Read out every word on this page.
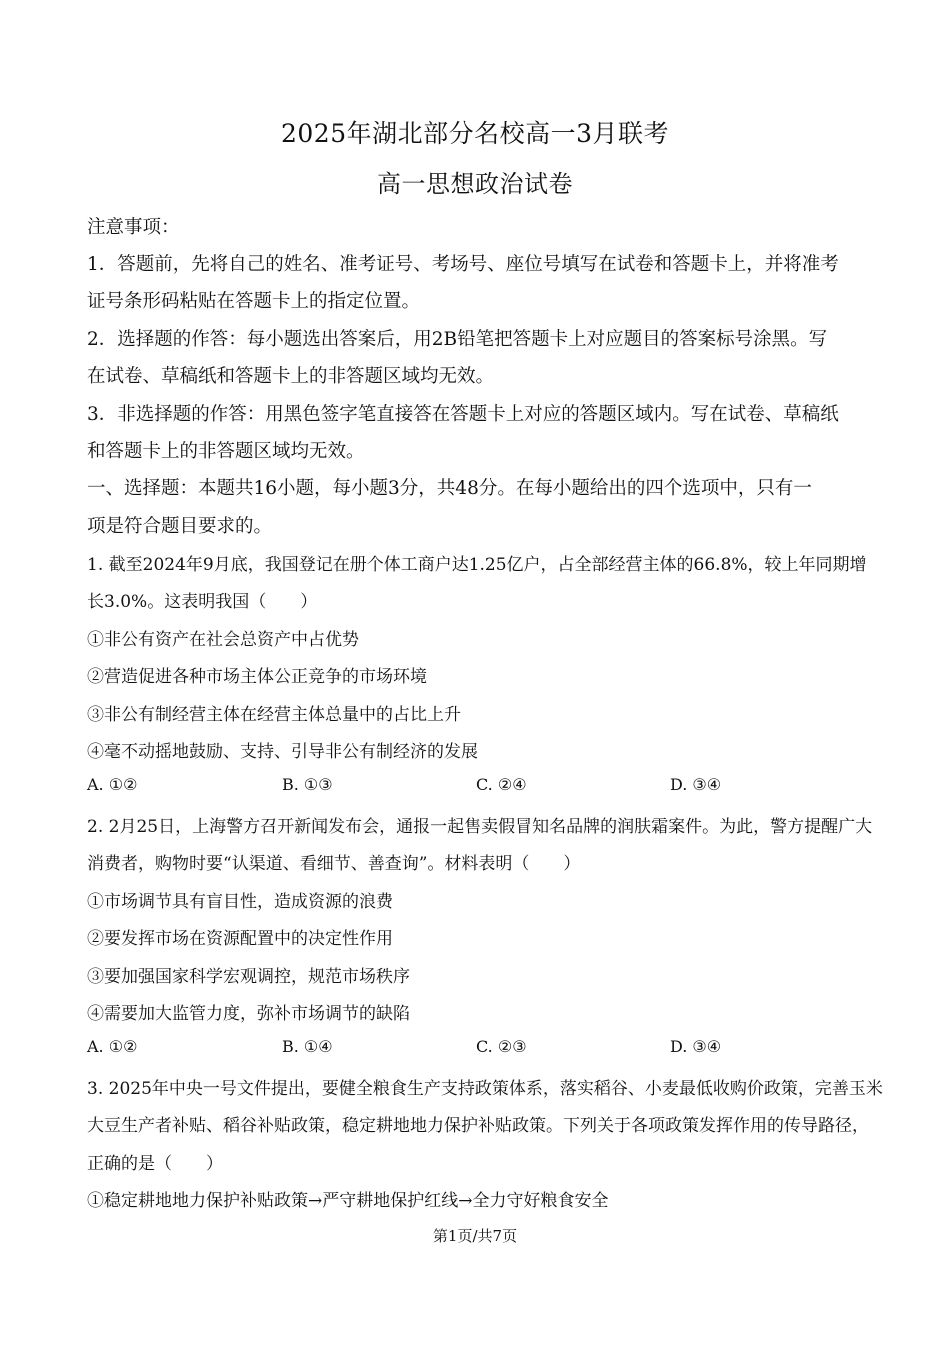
2025年湖北部分名校高一3月联考
高一思想政治试卷
注意事项：
1．答题前，先将自己的姓名、准考证号、考场号、座位号填写在试卷和答题卡上，并将准考
证号条形码粘贴在答题卡上的指定位置。
2．选择题的作答：每小题选出答案后，用2B铅笔把答题卡上对应题目的答案标号涂黑。写
在试卷、草稿纸和答题卡上的非答题区域均无效。
3．非选择题的作答：用黑色签字笔直接答在答题卡上对应的答题区域内。写在试卷、草稿纸
和答题卡上的非答题区域均无效。
一、选择题：本题共16小题，每小题3分，共48分。在每小题给出的四个选项中，只有一
项是符合题目要求的。
1. 截至2024年9月底，我国登记在册个体工商户达1.25亿户，占全部经营主体的66.8%，较上年同期增
长3.0%。这表明我国（　　）
①非公有资产在社会总资产中占优势
②营造促进各种市场主体公正竞争的市场环境
③非公有制经营主体在经营主体总量中的占比上升
④毫不动摇地鼓励、支持、引导非公有制经济的发展
A. ①②	B. ①③	C. ②④	D. ③④
2. 2月25日，上海警方召开新闻发布会，通报一起售卖假冒知名品牌的润肤霜案件。为此，警方提醒广大
消费者，购物时要“认渠道、看细节、善查询”。材料表明（　　）
①市场调节具有盲目性，造成资源的浪费
②要发挥市场在资源配置中的决定性作用
③要加强国家科学宏观调控，规范市场秩序
④需要加大监管力度，弥补市场调节的缺陷
A. ①②	B. ①④	C. ②③	D. ③④
3. 2025年中央一号文件提出，要健全粮食生产支持政策体系，落实稻谷、小麦最低收购价政策，完善玉米
大豆生产者补贴、稻谷补贴政策，稳定耕地地力保护补贴政策。下列关于各项政策发挥作用的传导路径，
正确的是（　　）
①稳定耕地地力保护补贴政策→严守耕地保护红线→全力守好粮食安全
第1页/共7页
